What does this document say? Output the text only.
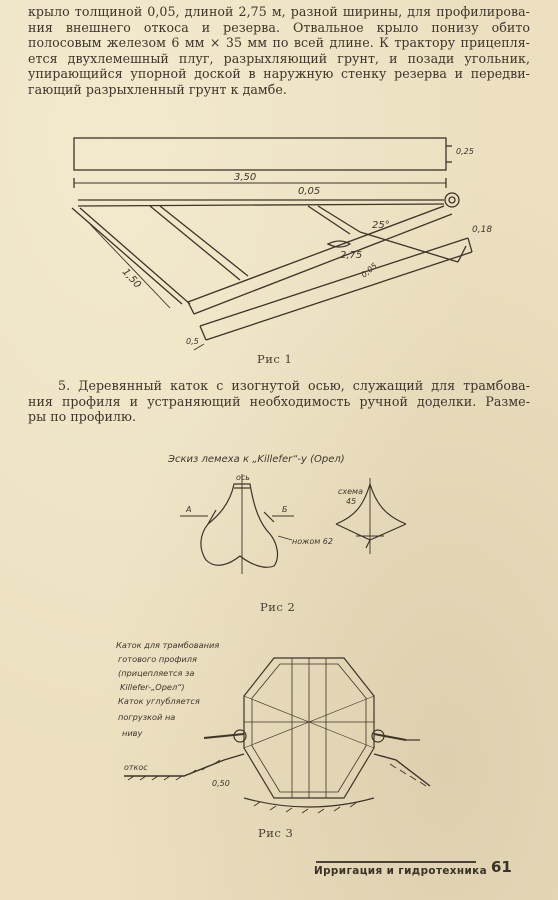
крыло толщиной 0,05, длиной 2,75 м, разной ширины, для профилирова-
ния внешнего откоса и резерва. Отвальное крыло понизу обито
полосовым железом 6 мм × 35 мм по всей длине. К трактору прицепля-
ется двухлемешный плуг, разрыхляющий грунт, и позади угольник,
упирающийся упорной доской в наружную стенку резерва и передви-
гающий разрыхленный грунт к дамбе.
3,50
0,05
25°
2,75
1,50
0,25
0,18
0,05
0,5
Рис 1
5. Деревянный каток с изогнутой осью, служащий для трамбова-
ния профиля и устраняющий необходимость ручной доделки. Разме-
ры по профилю.
Эскиз лемеха к „Killefer“-у (Орел)
ось
А	Б
ножом 62
схема
45
Рис 2
Каток для трамбования
готового профиля
(прицепляется за
Killefer-„Орел“)
Каток углубляется
погрузкой на
ниву
откос
0,50
Рис 3
Ирригация и гидротехника 61
